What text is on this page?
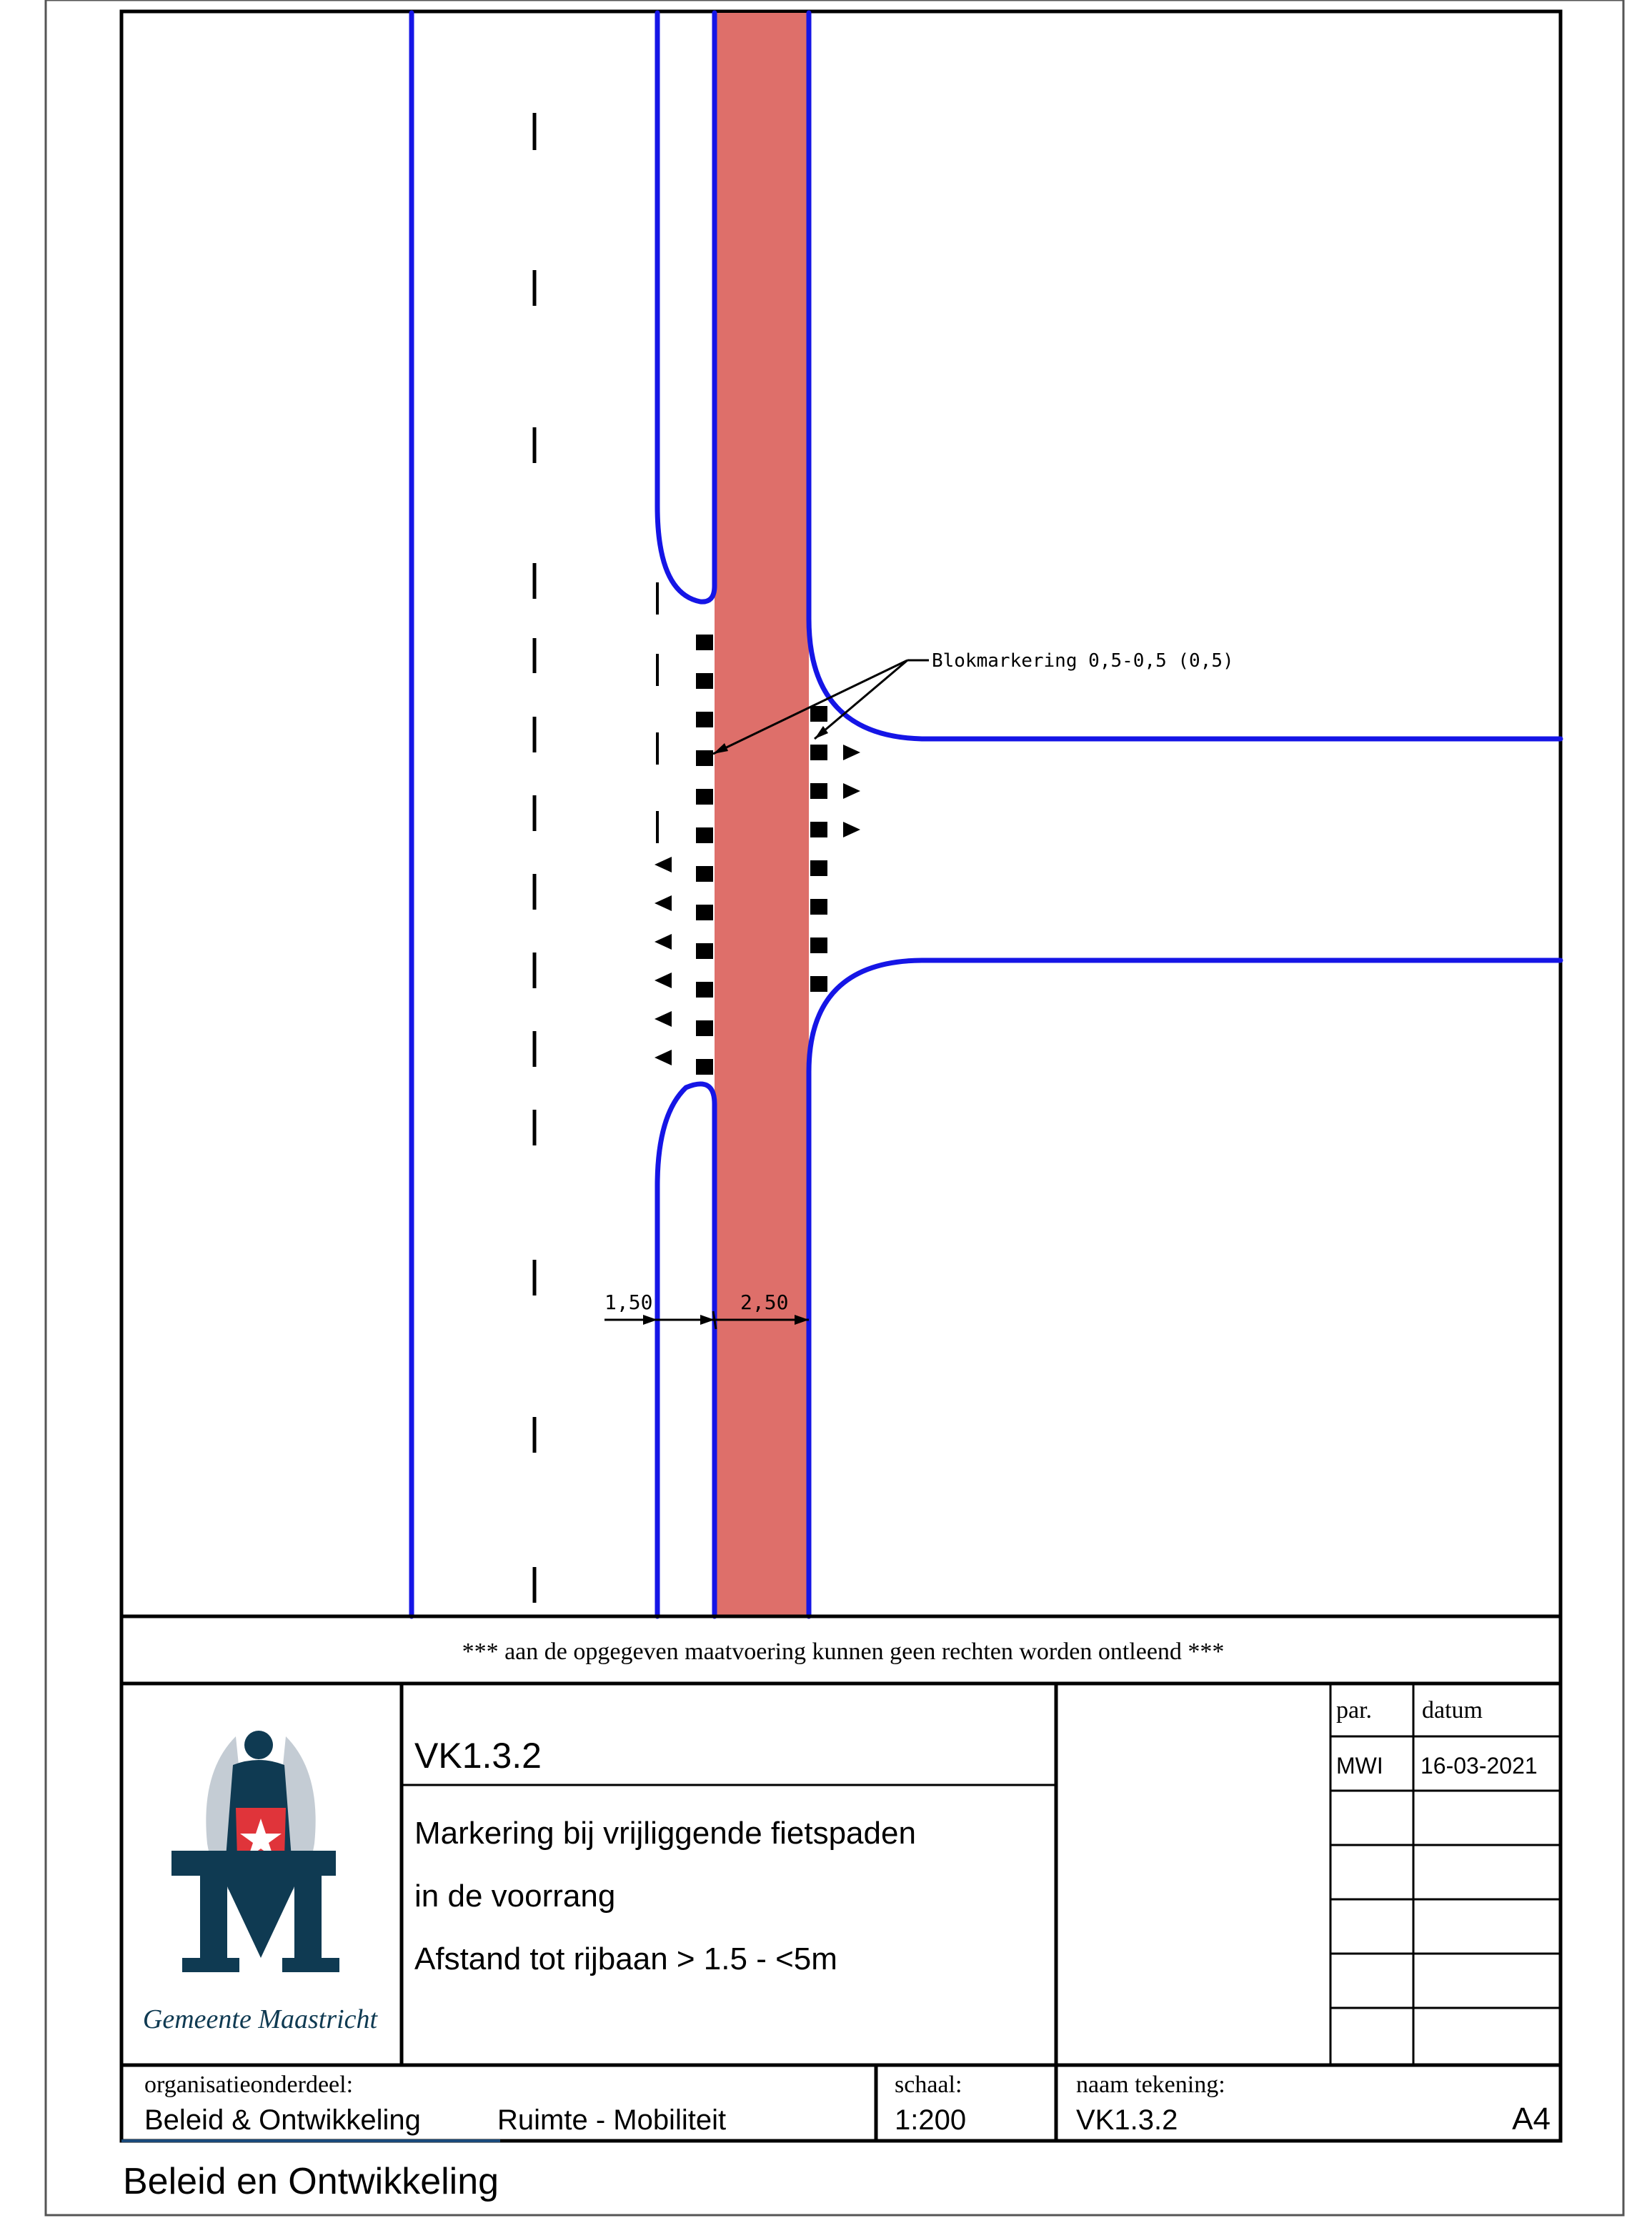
Blokmarkering 0,5-0,5 (0,5)
1,50	2,50
*** aan de opgegeven maatvoering kunnen geen rechten worden ontleend ***
Gemeente Maastricht
VK1.3.2
Markering bij vrijliggende fietspaden
in de voorrang
Afstand tot rijbaan > 1.5 - <5m
par. datum
MWI 16-03-2021
organisatieonderdeel:
Beleid & Ontwikkeling	Ruimte - Mobiliteit
schaal:
1:200
naam tekening:
VK1.3.2	A4
Beleid en Ontwikkeling
